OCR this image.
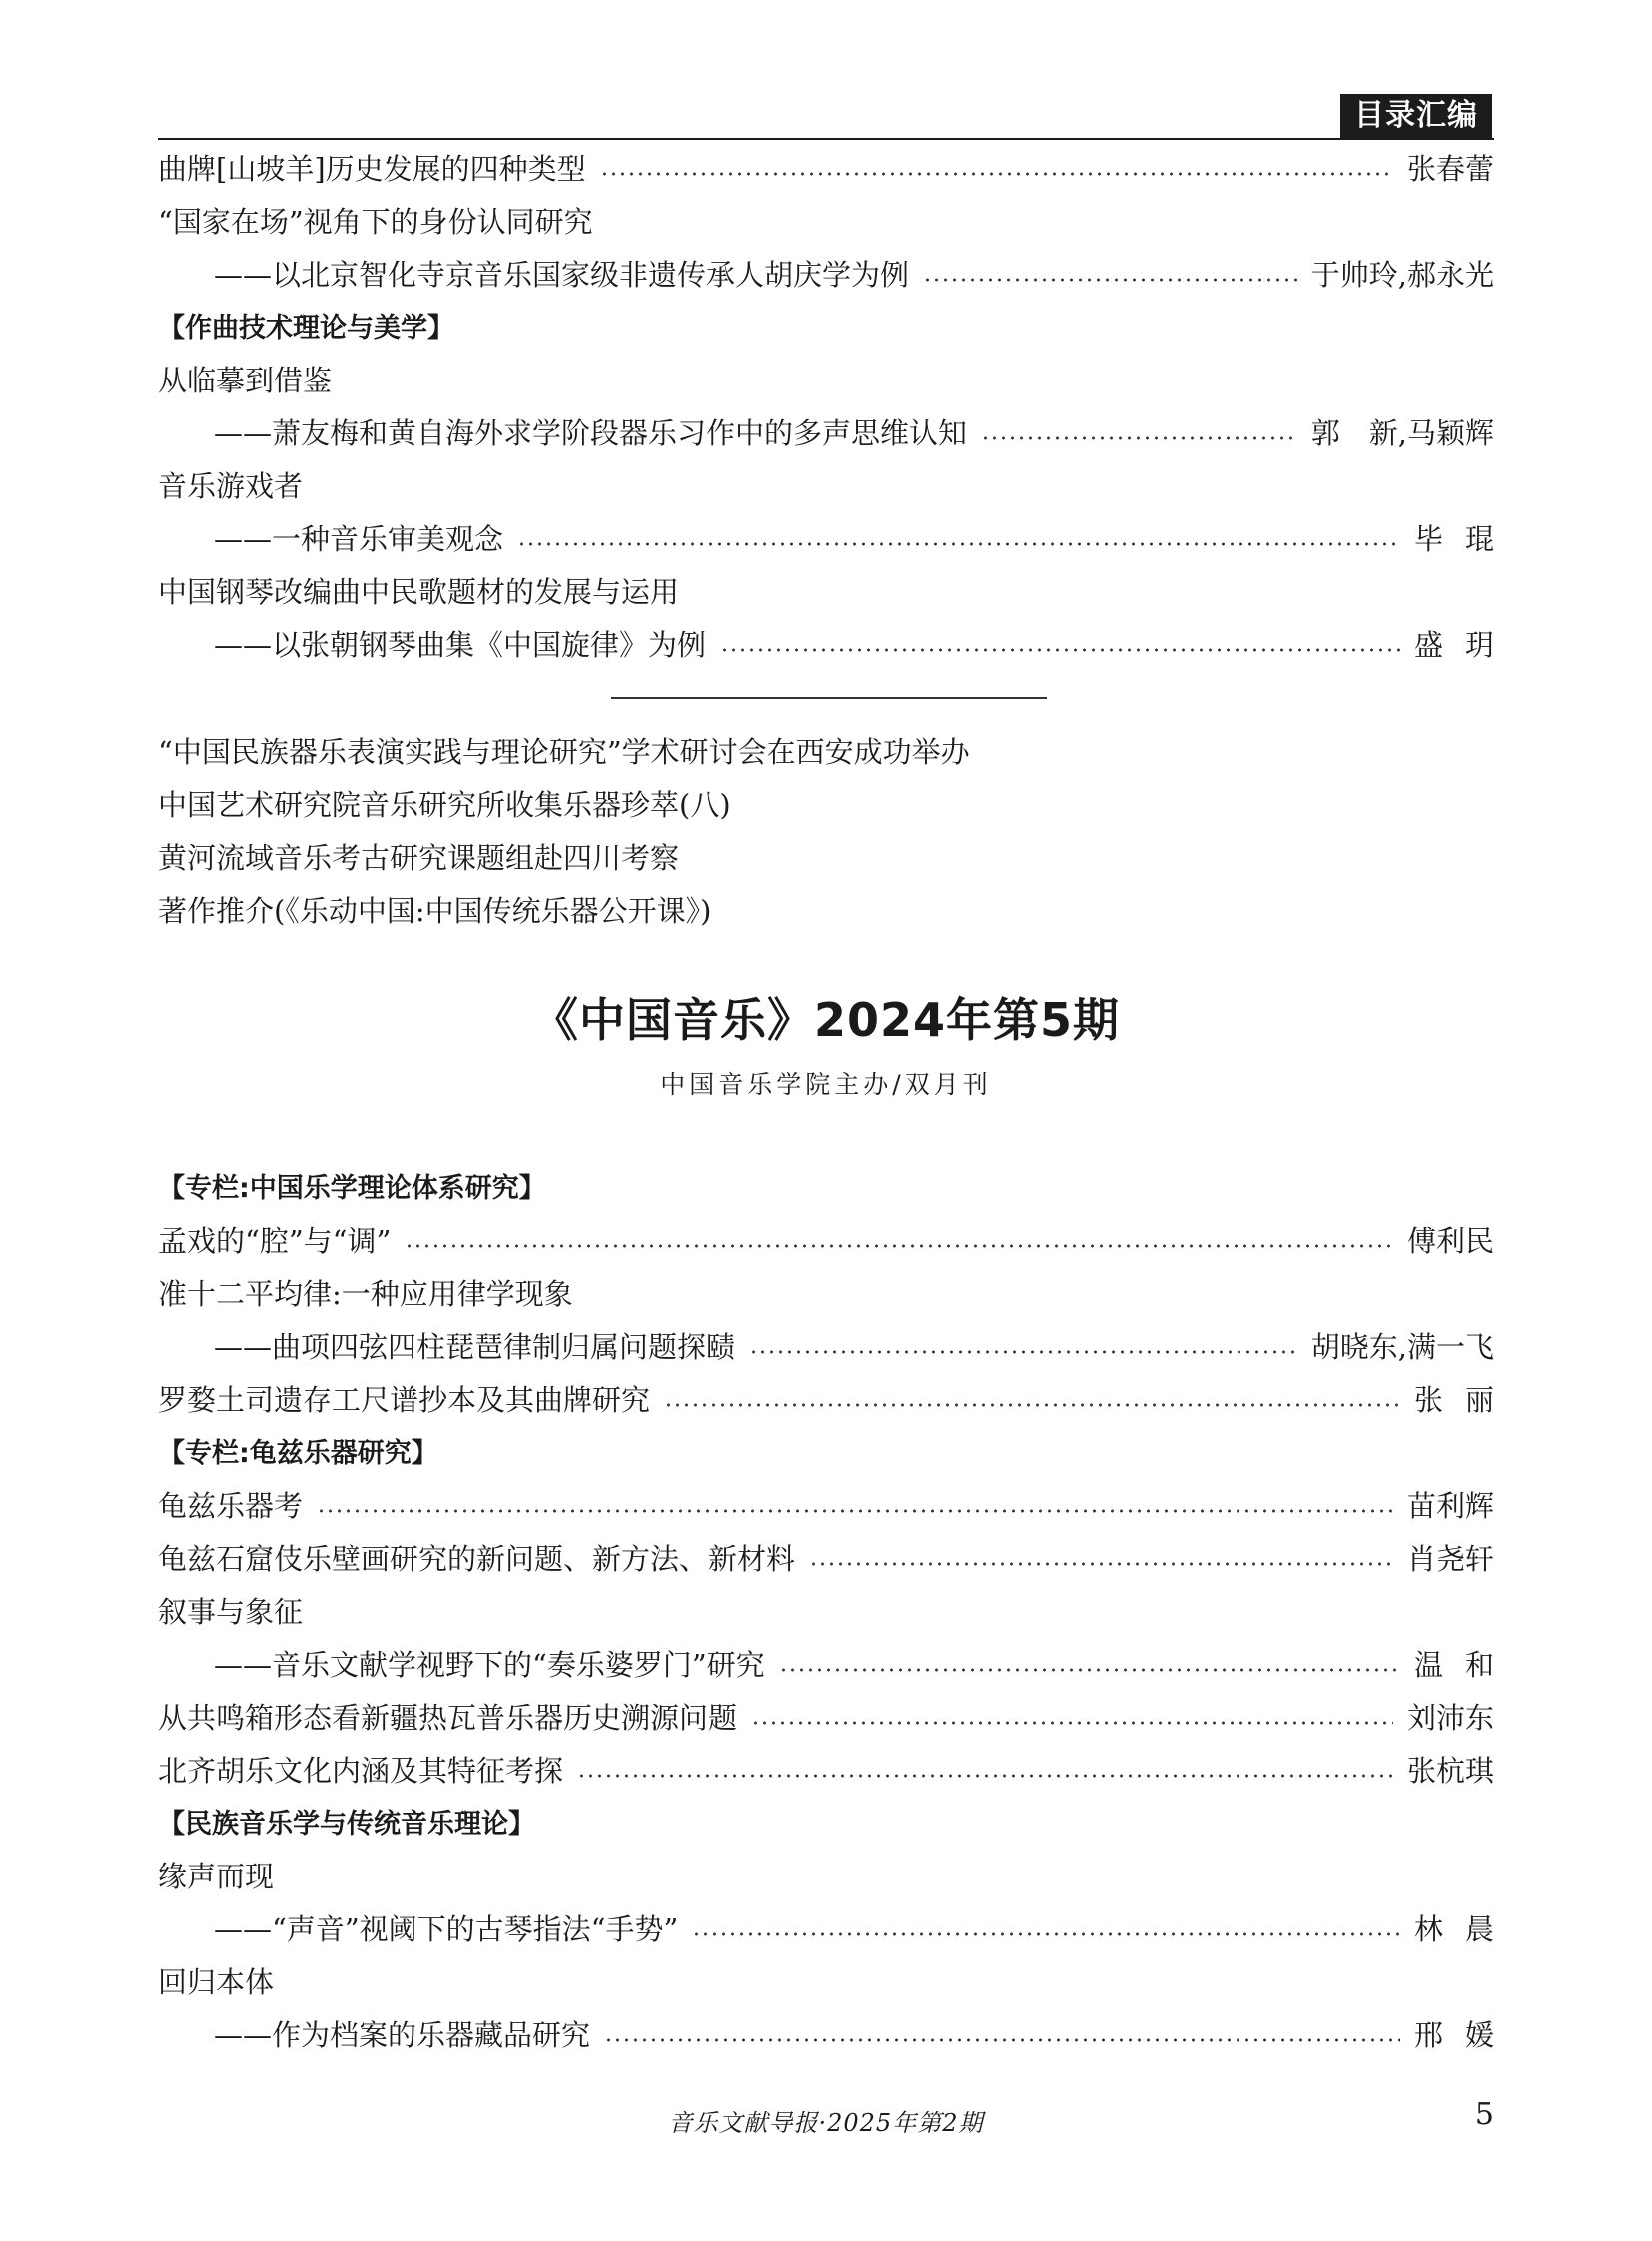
目录汇编
曲牌[山坡羊]历史发展的四种类型	张春蕾
“国家在场”视角下的身份认同研究
——以北京智化寺京音乐国家级非遗传承人胡庆学为例	于帅玲,郝永光
【作曲技术理论与美学】
从临摹到借鉴
——萧友梅和黄自海外求学阶段器乐习作中的多声思维认知	郭　新,马颖辉
音乐游戏者
——一种音乐审美观念	毕琨
中国钢琴改编曲中民歌题材的发展与运用
——以张朝钢琴曲集《中国旋律》为例	盛玥
“中国民族器乐表演实践与理论研究”学术研讨会在西安成功举办
中国艺术研究院音乐研究所收集乐器珍萃(八)
黄河流域音乐考古研究课题组赴四川考察
著作推介(《乐动中国:中国传统乐器公开课》)
《中国音乐》2024年第5期
中国音乐学院主办/双月刊
【专栏:中国乐学理论体系研究】
孟戏的“腔”与“调”	傅利民
准十二平均律:一种应用律学现象
——曲项四弦四柱琵琶律制归属问题探赜	胡晓东,满一飞
罗婺土司遗存工尺谱抄本及其曲牌研究	张丽
【专栏:龟兹乐器研究】
龟兹乐器考	苗利辉
龟兹石窟伎乐壁画研究的新问题、新方法、新材料	肖尧轩
叙事与象征
——音乐文献学视野下的“奏乐婆罗门”研究	温和
从共鸣箱形态看新疆热瓦普乐器历史溯源问题	刘沛东
北齐胡乐文化内涵及其特征考探	张杭琪
【民族音乐学与传统音乐理论】
缘声而现
——“声音”视阈下的古琴指法“手势”	林晨
回归本体
——作为档案的乐器藏品研究	邢媛
音乐文献导报·2025年第2期	5
